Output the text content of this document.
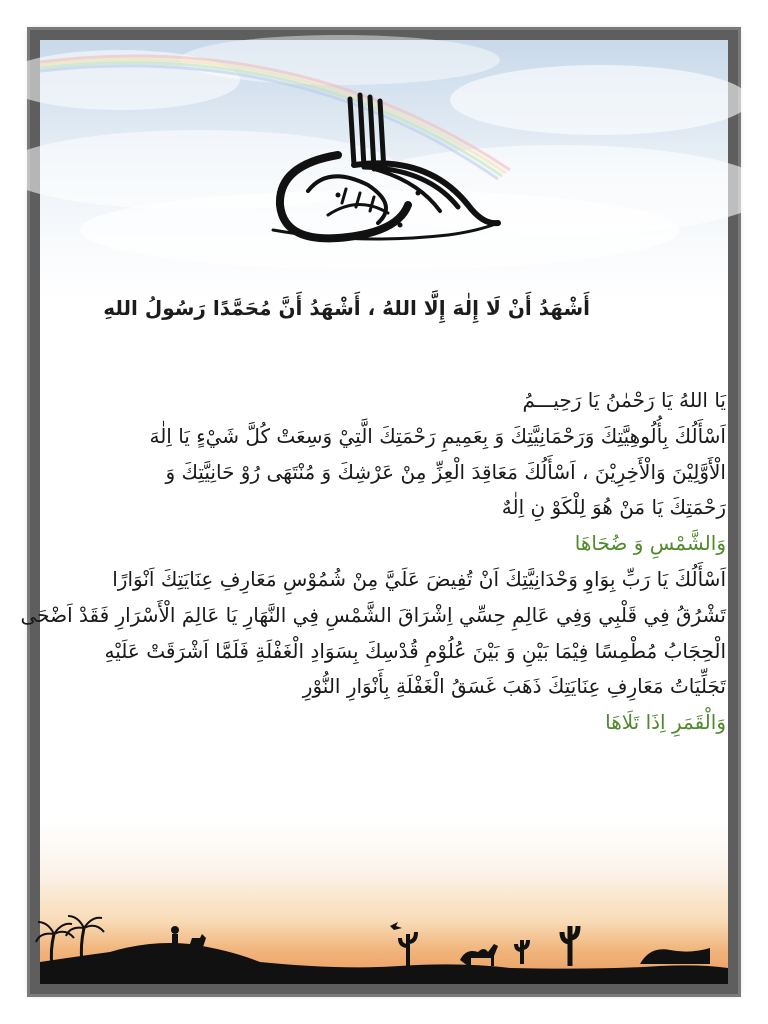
أَشْهَدُ أَنْ لَا إِلٰهَ إِلَّا اللهُ ، أَشْهَدُ أَنَّ مُحَمَّدًا رَسُولُ اللهِ
يَا اللهُ يَا رَحْمٰنُ يَا رَحِيـــمُ
اَسْأَلُكَ بِأُلُوهِيَّتِكَ وَرَحْمَانِيَّتِكَ وَ بِعَمِيمِ رَحْمَتِكَ الَّتِيْ وَسِعَتْ كُلَّ شَيْءٍ يَا اِلٰهَ
الْأَوَّلِيْنَ وَالْأَخِرِيْنَ ، اَسْأَلُكَ مَعَاقِدَ الْعِزِّ مِنْ عَرْشِكَ وَ مُنْتَهَى رُوْ حَانِيَّتِكَ وَ
رَحْمَتِكَ يَا مَنْ هُوَ لِلْكَوْ نِ اِلٰهٌ
وَالشَّمْسِ وَ ضُحَاهَا
اَسْأَلُكَ يَا رَبِّ بِوَاوِ وَحْدَانِيَّتِكَ اَنْ تُفِيضَ عَلَيَّ مِنْ شُمُوْسِ مَعَارِفِ عِنَايَتِكَ اَنْوَارًا
تَشْرُقُ فِي قَلْبِي وَفِي عَالِمِ حِسِّي اِشْرَاقَ الشَّمْسِ فِي النَّهَارِ يَا عَالِمَ الْأَسْرَارِ فَقَدْ اَضْحَى
الْحِجَابُ مُطْمِسًا فِيْمَا بَيْنِ وَ بَيْنَ عُلُوْمِ قُدْسِكَ بِسَوَادِ الْغَفْلَةِ فَلَمَّا اَشْرَقَتْ عَلَيْهِ
تَجَلِّيَاتُ مَعَارِفِ عِنَايَتِكَ ذَهَبَ غَسَقُ الْغَفْلَةِ بِأَنْوَارِ النُّوْرِ
وَالْقَمَرِ اِذَا تَلَاهَا
